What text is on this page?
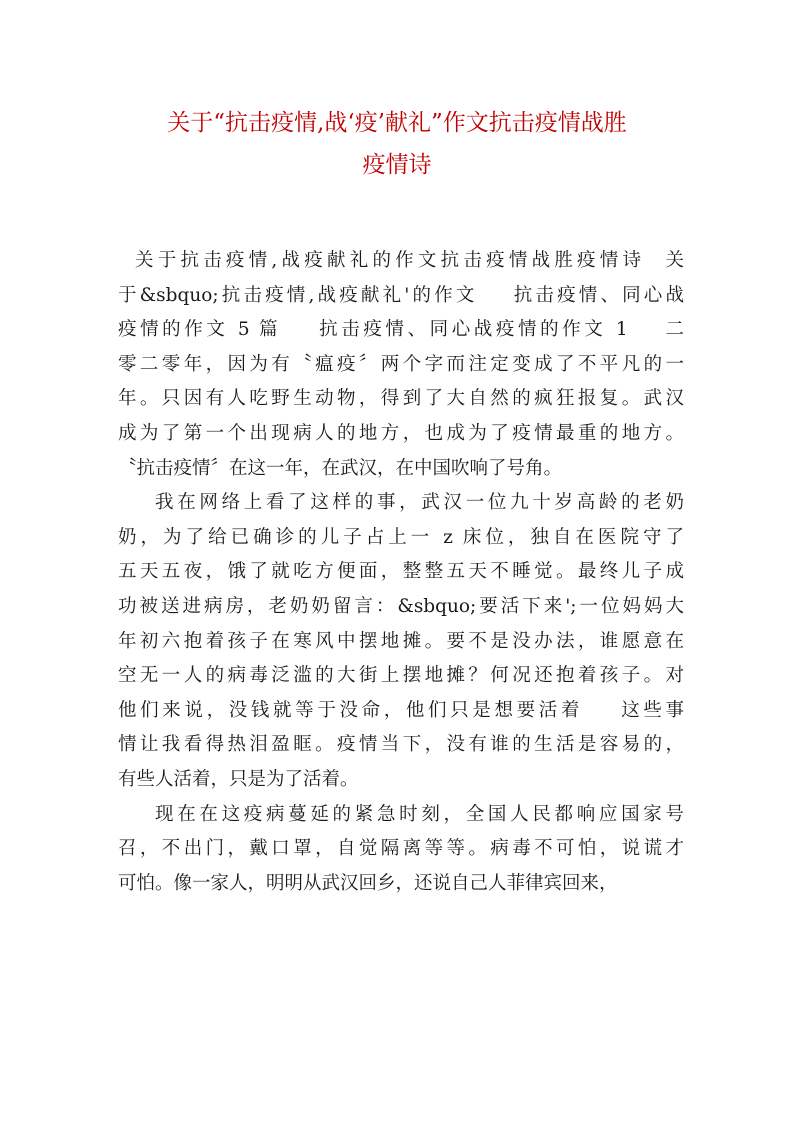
关于“抗击疫情,战‘疫’献礼”作文抗击疫情战胜
疫情诗
关于抗击疫情,战疫献礼的作文抗击疫情战胜疫情诗  关
于&sbquo;抗击疫情,战疫献礼'的作文    抗击疫情、同心战
疫情的作文 5 篇    抗击疫情、同心战疫情的作文 1    二
零二零年，因为有〝瘟疫〞两个字而注定变成了不平凡的一
年。只因有人吃野生动物，得到了大自然的疯狂报复。武汉
成为了第一个出现病人的地方，也成为了疫情最重的地方。
〝抗击疫情〞在这一年，在武汉，在中国吹响了号角。
我在网络上看了这样的事，武汉一位九十岁高龄的老奶
奶，为了给已确诊的儿子占上一 z 床位，独自在医院守了
五天五夜，饿了就吃方便面，整整五天不睡觉。最终儿子成
功被送进病房，老奶奶留言：&sbquo;要活下来';一位妈妈大
年初六抱着孩子在寒风中摆地摊。要不是没办法，谁愿意在
空无一人的病毒泛滥的大街上摆地摊？何况还抱着孩子。对
他们来说，没钱就等于没命，他们只是想要活着    这些事
情让我看得热泪盈眶。疫情当下，没有谁的生活是容易的，
有些人活着，只是为了活着。
现在在这疫病蔓延的紧急时刻，全国人民都响应国家号
召，不出门，戴口罩，自觉隔离等等。病毒不可怕，说谎才
可怕。像一家人，明明从武汉回乡，还说自己人菲律宾回来，
